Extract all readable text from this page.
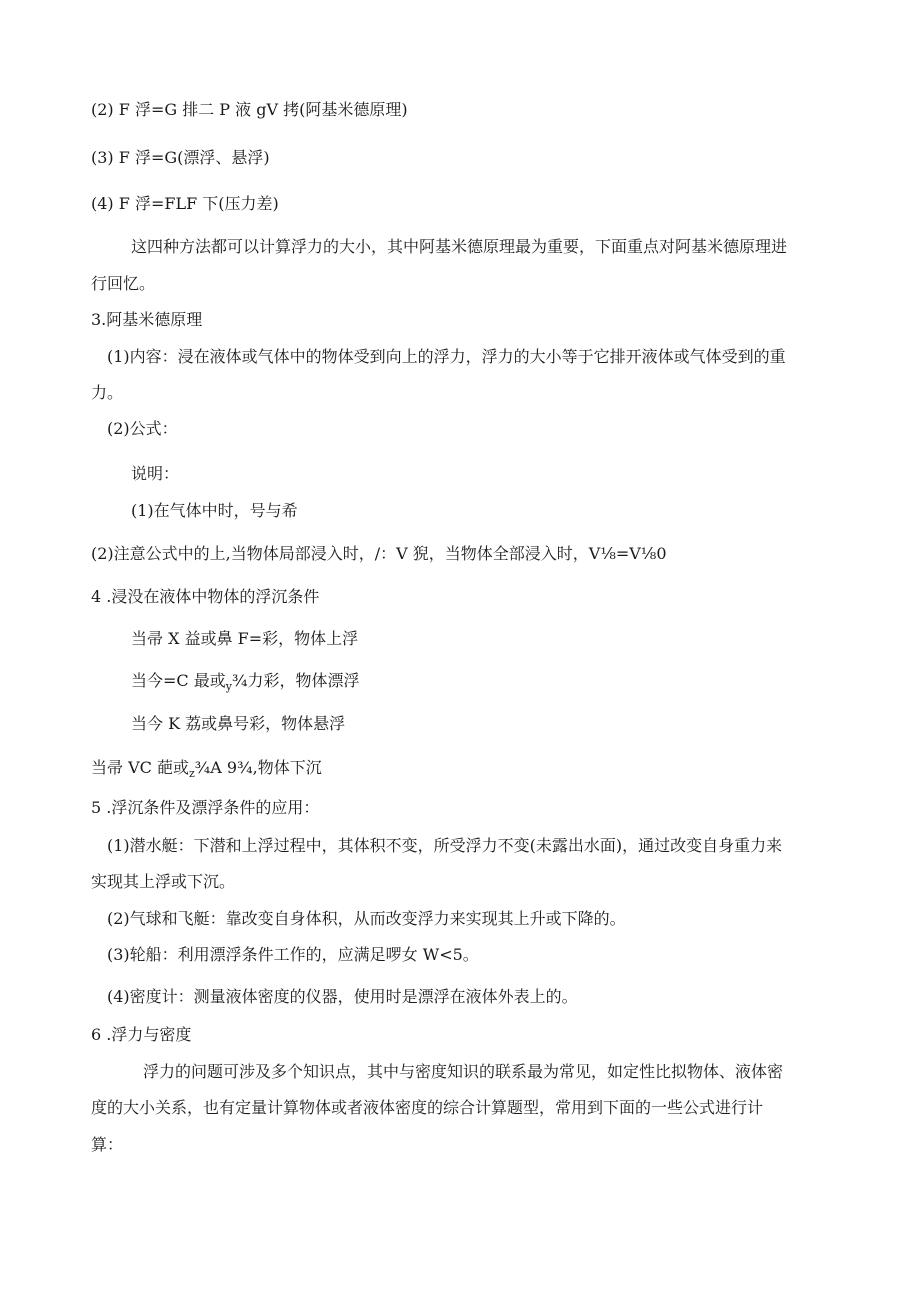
(2) F 浮=G 排二 P 液 gV 拷(阿基米德原理)
(3) F 浮=G(漂浮、悬浮)
(4) F 浮=FLF 下(压力差)
这四种方法都可以计算浮力的大小，其中阿基米德原理最为重要，下面重点对阿基米德原理进
行回忆。
3.阿基米德原理
(1)内容：浸在液体或气体中的物体受到向上的浮力，浮力的大小等于它排开液体或气体受到的重
力。
(2)公式：
说明：
(1)在气体中时，号与希
(2)注意公式中的上,当物体局部浸入时，/：V 猊，当物体全部浸入时，V⅛=V⅛0
4 .浸没在液体中物体的浮沉条件
当帚 X 益或鼻 F=彩，物体上浮
当今=C 最或$_y$¾力彩，物体漂浮
当今 K 荔或鼻号彩，物体悬浮
当帚 VC 葩或$_z$¾Α 9¾,物体下沉
5 .浮沉条件及漂浮条件的应用：
(1)潜水艇：下潜和上浮过程中，其体积不变，所受浮力不变(未露出水面)，通过改变自身重力来
实现其上浮或下沉。
(2)气球和飞艇：靠改变自身体积，从而改变浮力来实现其上升或下降的。
(3)轮船：利用漂浮条件工作的，应满足啰女 W<5。
(4)密度计：测量液体密度的仪器，使用时是漂浮在液体外表上的。
6 .浮力与密度
浮力的问题可涉及多个知识点，其中与密度知识的联系最为常见，如定性比拟物体、液体密
度的大小关系，也有定量计算物体或者液体密度的综合计算题型，常用到下面的一些公式进行计
算：
